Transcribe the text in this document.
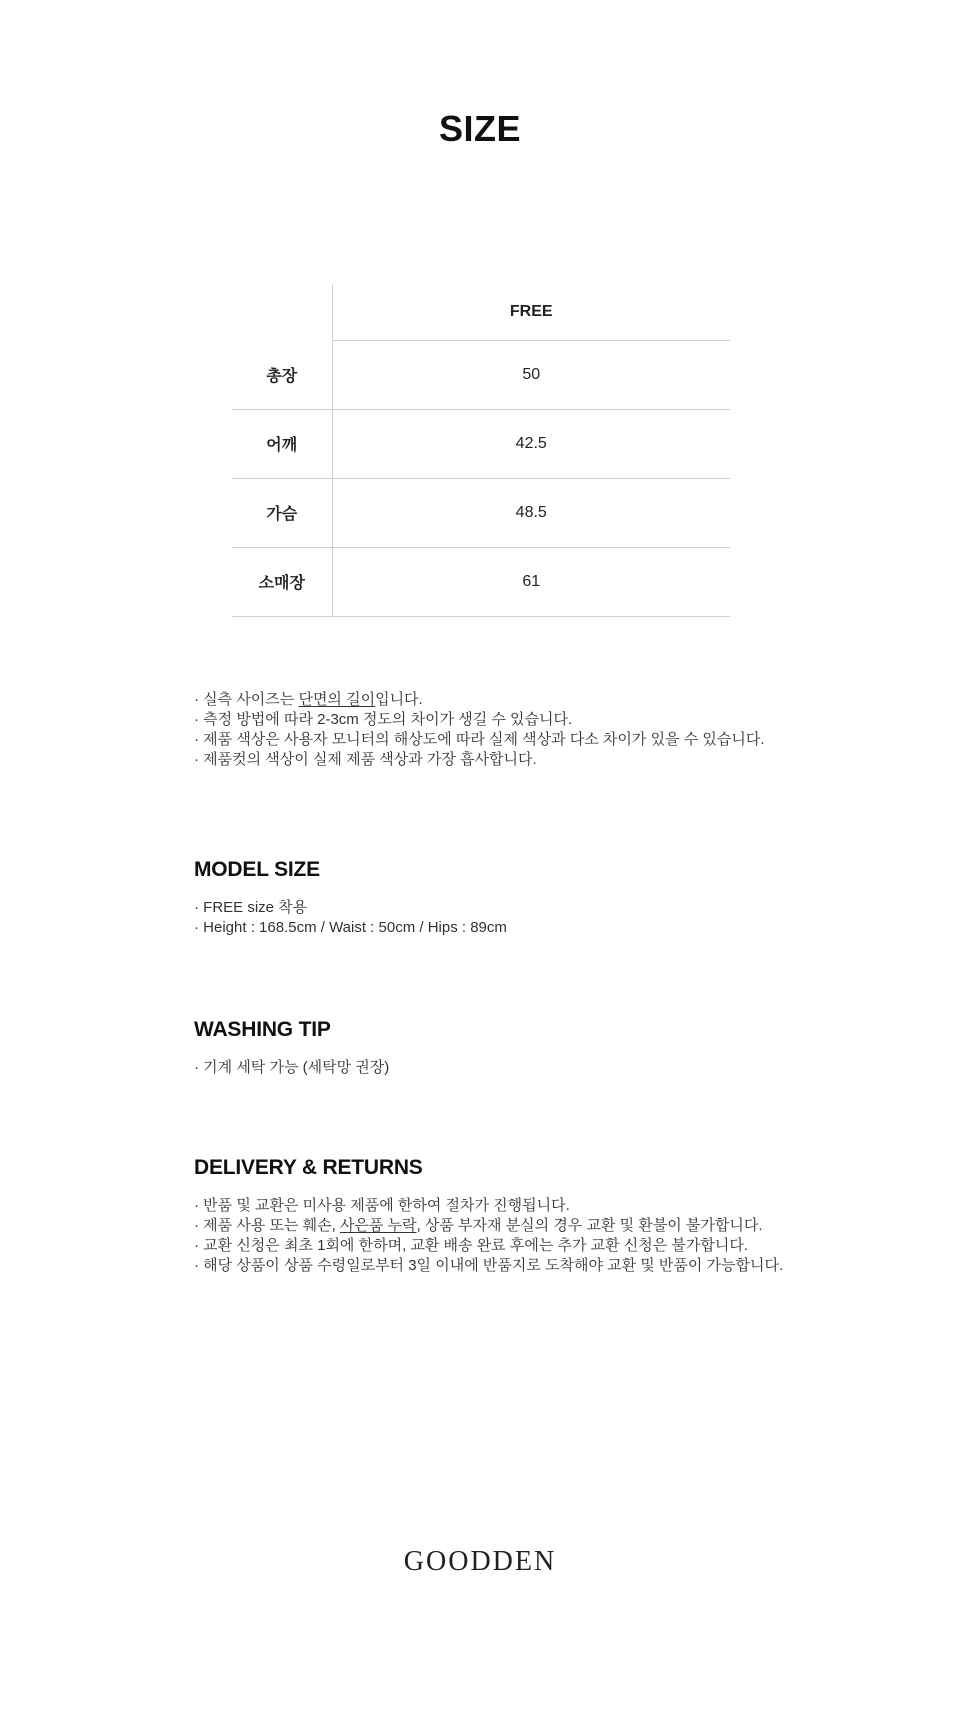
SIZE
	FREE
총장	50
어깨	42.5
가슴	48.5
소매장	61
· 실측 사이즈는 단면의 길이입니다.
· 측정 방법에 따라 2-3cm 정도의 차이가 생길 수 있습니다.
· 제품 색상은 사용자 모니터의 해상도에 따라 실제 색상과 다소 차이가 있을 수 있습니다.
· 제품컷의 색상이 실제 제품 색상과 가장 흡사합니다.
MODEL SIZE
· FREE size 착용
· Height : 168.5cm / Waist : 50cm / Hips : 89cm
WASHING TIP
· 기계 세탁 가능 (세탁망 권장)
DELIVERY & RETURNS
· 반품 및 교환은 미사용 제품에 한하여 절차가 진행됩니다.
· 제품 사용 또는 훼손, 사은품 누락, 상품 부자재 분실의 경우 교환 및 환불이 불가합니다.
· 교환 신청은 최초 1회에 한하며, 교환 배송 완료 후에는 추가 교환 신청은 불가합니다.
· 해당 상품이 상품 수령일로부터 3일 이내에 반품지로 도착해야 교환 및 반품이 가능합니다.
GOODDEN
